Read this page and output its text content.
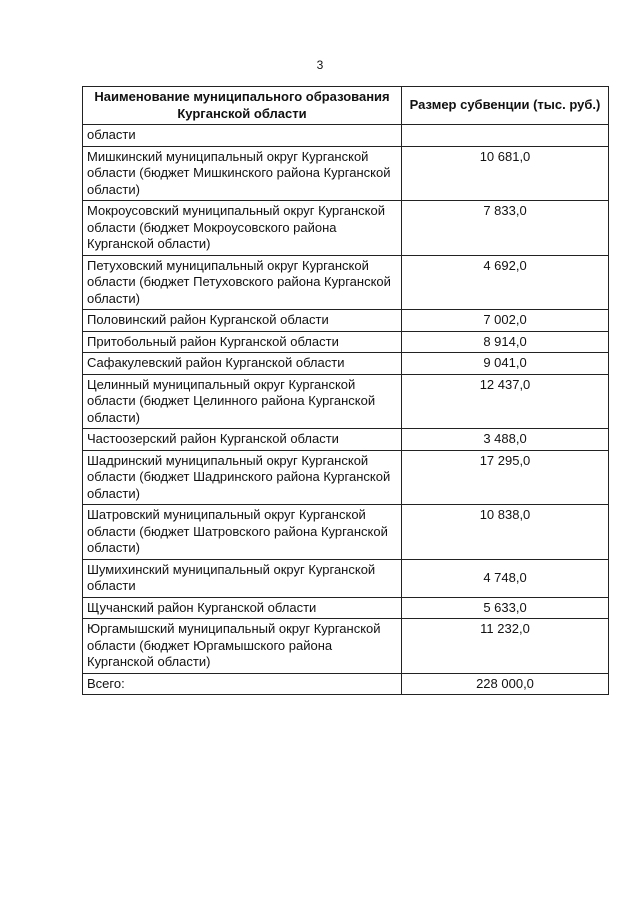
3
Наименование муниципального образования Курганской области	Размер субвенции (тыс. руб.)
области	
Мишкинский муниципальный округ Курганской области (бюджет Мишкинского района Курганской области)	10 681,0
Мокроусовский муниципальный округ Курганской области (бюджет Мокроусовского района Курганской области)	7 833,0
Петуховский муниципальный округ Курганской области (бюджет Петуховского района Курганской области)	4 692,0
Половинский район Курганской области	7 002,0
Притобольный район Курганской области	8 914,0
Сафакулевский район Курганской области	9 041,0
Целинный муниципальный округ Курганской области (бюджет Целинного района Курганской области)	12 437,0
Частоозерский район Курганской области	3 488,0
Шадринский муниципальный округ Курганской области (бюджет Шадринского района Курганской области)	17 295,0
Шатровский муниципальный округ Курганской области (бюджет Шатровского района Курганской области)	10 838,0
Шумихинский муниципальный округ Курганской области	4 748,0
Щучанский район Курганской области	5 633,0
Юргамышский муниципальный округ Курганской области (бюджет Юргамышского района Курганской области)	11 232,0
Всего:	228 000,0
